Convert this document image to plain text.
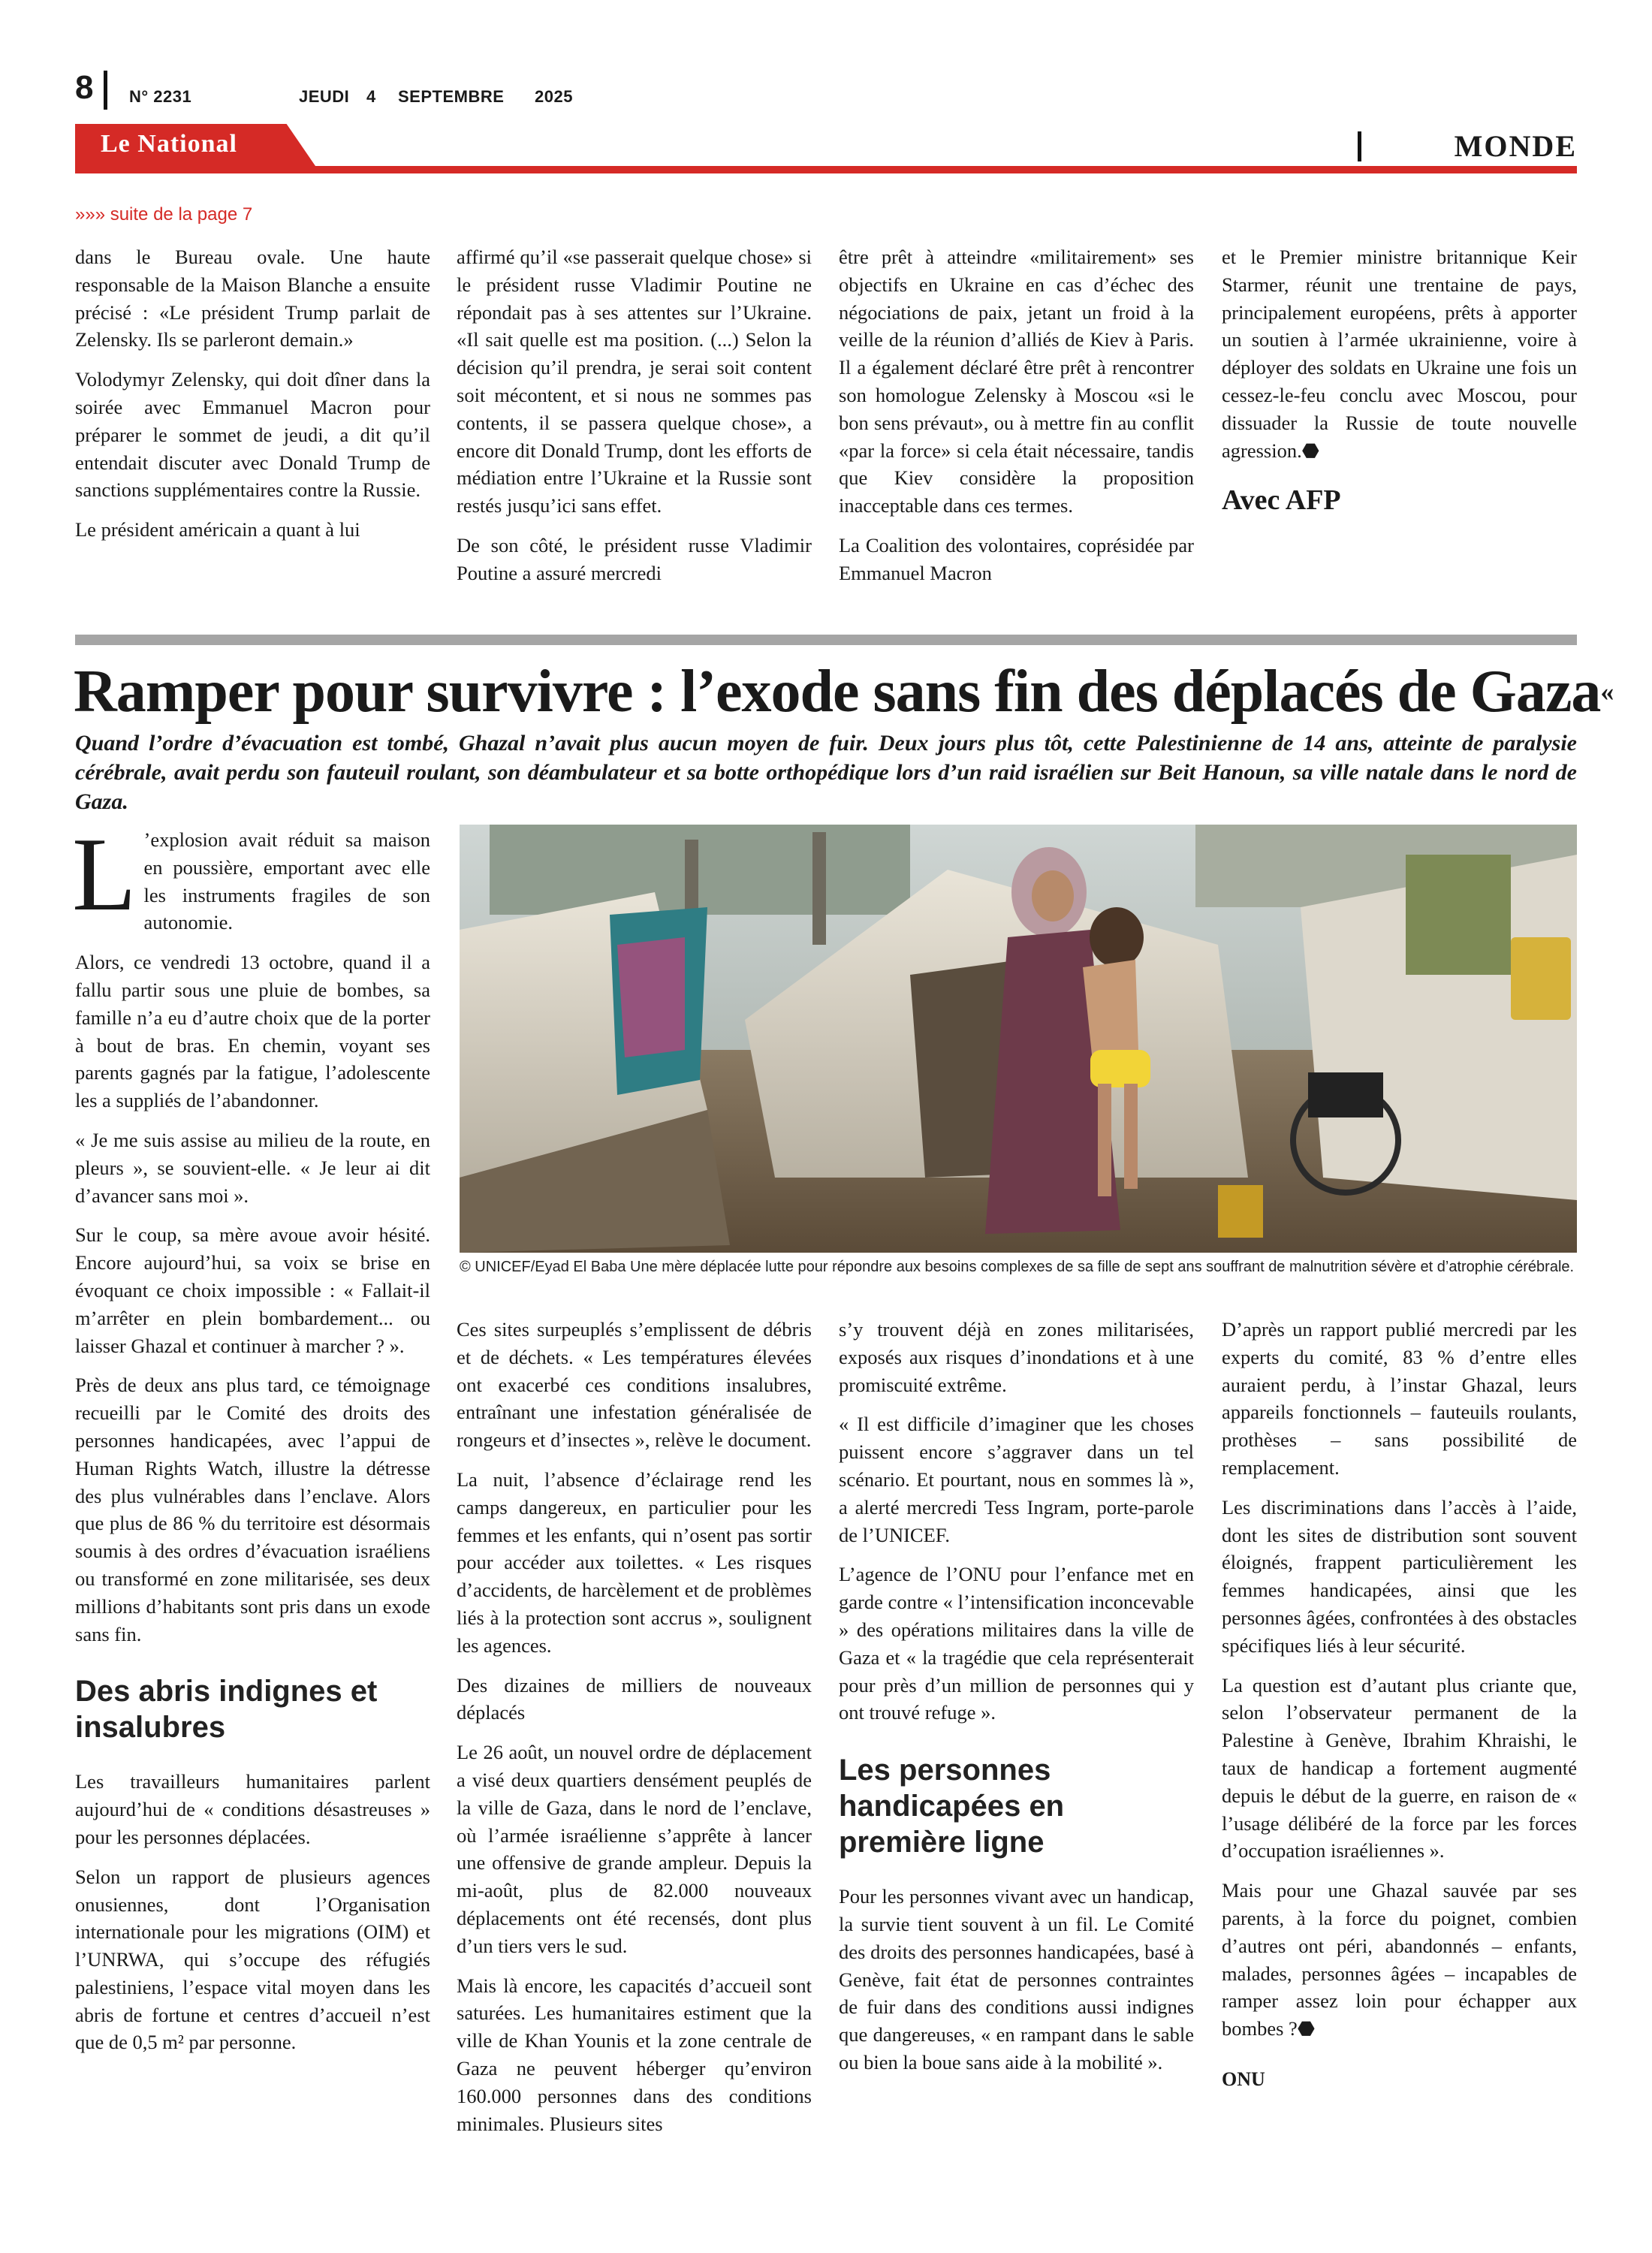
8 N° 2231	JEUDI 4 SEPTEMBRE 2025
Le National	MONDE
»»» suite de la page 7

dans le Bureau ovale. Une haute responsable de la Maison Blanche a ensuite précisé : «Le président Trump parlait de Zelensky. Ils se parleront demain.»

Volodymyr Zelensky, qui doit dîner dans la soirée avec Emmanuel Macron pour préparer le sommet de jeudi, a dit qu’il entendait discuter avec Donald Trump de sanctions supplémentaires contre la Russie.

Le président américain a quant à lui

affirmé qu’il «se passerait quelque chose» si le président russe Vladimir Poutine ne répondait pas à ses attentes sur l’Ukraine. «Il sait quelle est ma position. (...) Selon la décision qu’il prendra, je serai soit content soit mécontent, et si nous ne sommes pas contents, il se passera quelque chose», a encore dit Donald Trump, dont les efforts de médiation entre l’Ukraine et la Russie sont restés jusqu’ici sans effet.

De son côté, le président russe Vladimir Poutine a assuré mercredi

être prêt à atteindre «militairement» ses objectifs en Ukraine en cas d’échec des négociations de paix, jetant un froid à la veille de la réunion d’alliés de Kiev à Paris. Il a également déclaré être prêt à rencontrer son homologue Zelensky à Moscou «si le bon sens prévaut», ou à mettre fin au conflit «par la force» si cela était nécessaire, tandis que Kiev considère la proposition inacceptable dans ces termes.

La Coalition des volontaires, coprésidée par Emmanuel Macron

et le Premier ministre britannique Keir Starmer, réunit une trentaine de pays, principalement européens, prêts à apporter un soutien à l’armée ukrainienne, voire à déployer des soldats en Ukraine une fois un cessez-le-feu conclu avec Moscou, pour dissuader la Russie de toute nouvelle agression.⬣

Avec AFP
Ramper pour survivre : l’exode sans fin des déplacés de Gaza«
Quand l’ordre d’évacuation est tombé, Ghazal n’avait plus aucun moyen de fuir. Deux jours plus tôt, cette Palestinienne de 14 ans, atteinte de paralysie cérébrale, avait perdu son fauteuil roulant, son déambulateur et sa botte orthopédique lors d’un raid israélien sur Beit Hanoun, sa ville natale dans le nord de Gaza.

L ’explosion avait réduit sa maison en poussière, emportant avec elle les instruments fragiles de son autonomie.

Alors, ce vendredi 13 octobre, quand il a fallu partir sous une pluie de bombes, sa famille n’a eu d’autre choix que de la porter à bout de bras. En chemin, voyant ses parents gagnés par la fatigue, l’adolescente les a suppliés de l’abandonner.

« Je me suis assise au milieu de la route, en pleurs », se souvient-elle. « Je leur ai dit d’avancer sans moi ».

Sur le coup, sa mère avoue avoir hésité. Encore aujourd’hui, sa voix se brise en évoquant ce choix impossible : « Fallait-il m’arrêter en plein bombardement... ou laisser Ghazal et continuer à marcher ? ».

Près de deux ans plus tard, ce témoignage recueilli par le Comité des droits des personnes handicapées, avec l’appui de Human Rights Watch, illustre la détresse des plus vulnérables dans l’enclave. Alors que plus de 86 % du territoire est désormais soumis à des ordres d’évacuation israéliens ou transformé en zone militarisée, ses deux millions d’habitants sont pris dans un exode sans fin.

Des abris indignes et insalubres

Les travailleurs humanitaires parlent aujourd’hui de « conditions désastreuses » pour les personnes déplacées.

Selon un rapport de plusieurs agences onusiennes, dont l’Organisation internationale pour les migrations (OIM) et l’UNRWA, qui s’occupe des réfugiés palestiniens, l’espace vital moyen dans les abris de fortune et centres d’accueil n’est que de 0,5 m² par personne.

© UNICEF/Eyad El Baba Une mère déplacée lutte pour répondre aux besoins complexes de sa fille de sept ans souffrant de malnutrition sévère et d’atrophie cérébrale.

Ces sites surpeuplés s’emplissent de débris et de déchets. « Les températures élevées ont exacerbé ces conditions insalubres, entraînant une infestation généralisée de rongeurs et d’insectes », relève le document.

La nuit, l’absence d’éclairage rend les camps dangereux, en particulier pour les femmes et les enfants, qui n’osent pas sortir pour accéder aux toilettes. « Les risques d’accidents, de harcèlement et de problèmes liés à la protection sont accrus », soulignent les agences.

Des dizaines de milliers de nouveaux déplacés

Le 26 août, un nouvel ordre de déplacement a visé deux quartiers densément peuplés de la ville de Gaza, dans le nord de l’enclave, où l’armée israélienne s’apprête à lancer une offensive de grande ampleur. Depuis la mi-août, plus de 82.000 nouveaux déplacements ont été recensés, dont plus d’un tiers vers le sud.

Mais là encore, les capacités d’accueil sont saturées. Les humanitaires estiment que la ville de Khan Younis et la zone centrale de Gaza ne peuvent héberger qu’environ 160.000 personnes dans des conditions minimales. Plusieurs sites

s’y trouvent déjà en zones militarisées, exposés aux risques d’inondations et à une promiscuité extrême.

« Il est difficile d’imaginer que les choses puissent encore s’aggraver dans un tel scénario. Et pourtant, nous en sommes là », a alerté mercredi Tess Ingram, porte-parole de l’UNICEF.

L’agence de l’ONU pour l’enfance met en garde contre « l’intensification inconcevable » des opérations militaires dans la ville de Gaza et « la tragédie que cela représenterait pour près d’un million de personnes qui y ont trouvé refuge ».

Les personnes handicapées en première ligne

Pour les personnes vivant avec un handicap, la survie tient souvent à un fil. Le Comité des droits des personnes handicapées, basé à Genève, fait état de personnes contraintes de fuir dans des conditions aussi indignes que dangereuses, « en rampant dans le sable ou bien la boue sans aide à la mobilité ».

D’après un rapport publié mercredi par les experts du comité, 83 % d’entre elles auraient perdu, à l’instar Ghazal, leurs appareils fonctionnels – fauteuils roulants, prothèses – sans possibilité de remplacement.

Les discriminations dans l’accès à l’aide, dont les sites de distribution sont souvent éloignés, frappent particulièrement les femmes handicapées, ainsi que les personnes âgées, confrontées à des obstacles spécifiques liés à leur sécurité.

La question est d’autant plus criante que, selon l’observateur permanent de la Palestine à Genève, Ibrahim Khraishi, le taux de handicap a fortement augmenté depuis le début de la guerre, en raison de « l’usage délibéré de la force par les forces d’occupation israéliennes ».

Mais pour une Ghazal sauvée par ses parents, à la force du poignet, combien d’autres ont péri, abandonnés – enfants, malades, personnes âgées – incapables de ramper assez loin pour échapper aux bombes ?⬣

ONU
